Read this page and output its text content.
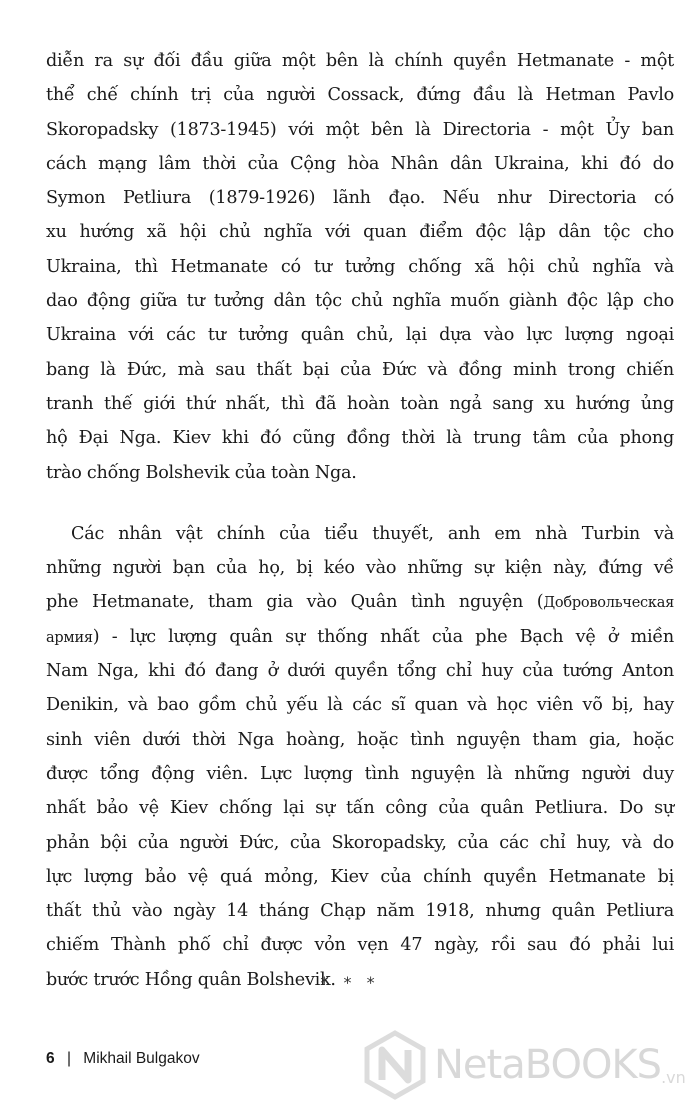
diễn ra sự đối đầu giữa một bên là chính quyền Hetmanate - một
thể chế chính trị của người Cossack, đứng đầu là Hetman Pavlo
Skoropadsky (1873-1945) với một bên là Directoria - một Ủy ban
cách mạng lâm thời của Cộng hòa Nhân dân Ukraina, khi đó do
Symon Petliura (1879-1926) lãnh đạo. Nếu như Directoria có
xu hướng xã hội chủ nghĩa với quan điểm độc lập dân tộc cho
Ukraina, thì Hetmanate có tư tưởng chống xã hội chủ nghĩa và
dao động giữa tư tưởng dân tộc chủ nghĩa muốn giành độc lập cho
Ukraina với các tư tưởng quân chủ, lại dựa vào lực lượng ngoại
bang là Đức, mà sau thất bại của Đức và đồng minh trong chiến
tranh thế giới thứ nhất, thì đã hoàn toàn ngả sang xu hướng ủng
hộ Đại Nga. Kiev khi đó cũng đồng thời là trung tâm của phong
trào chống Bolshevik của toàn Nga.
Các nhân vật chính của tiểu thuyết, anh em nhà Turbin và
những người bạn của họ, bị kéo vào những sự kiện này, đứng về
phe Hetmanate, tham gia vào Quân tình nguyện (Добровольческая
армия) - lực lượng quân sự thống nhất của phe Bạch vệ ở miền
Nam Nga, khi đó đang ở dưới quyền tổng chỉ huy của tướng Anton
Denikin, và bao gồm chủ yếu là các sĩ quan và học viên võ bị, hay
sinh viên dưới thời Nga hoàng, hoặc tình nguyện tham gia, hoặc
được tổng động viên. Lực lượng tình nguyện là những người duy
nhất bảo vệ Kiev chống lại sự tấn công của quân Petliura. Do sự
phản bội của người Đức, của Skoropadsky, của các chỉ huy, và do
lực lượng bảo vệ quá mỏng, Kiev của chính quyền Hetmanate bị
thất thủ vào ngày 14 tháng Chạp năm 1918, nhưng quân Petliura
chiếm Thành phố chỉ được vỏn vẹn 47 ngày, rồi sau đó phải lui
bước trước Hồng quân Bolshevik.
* * *
6 | Mikhail Bulgakov	NetaBOOKS .vn
